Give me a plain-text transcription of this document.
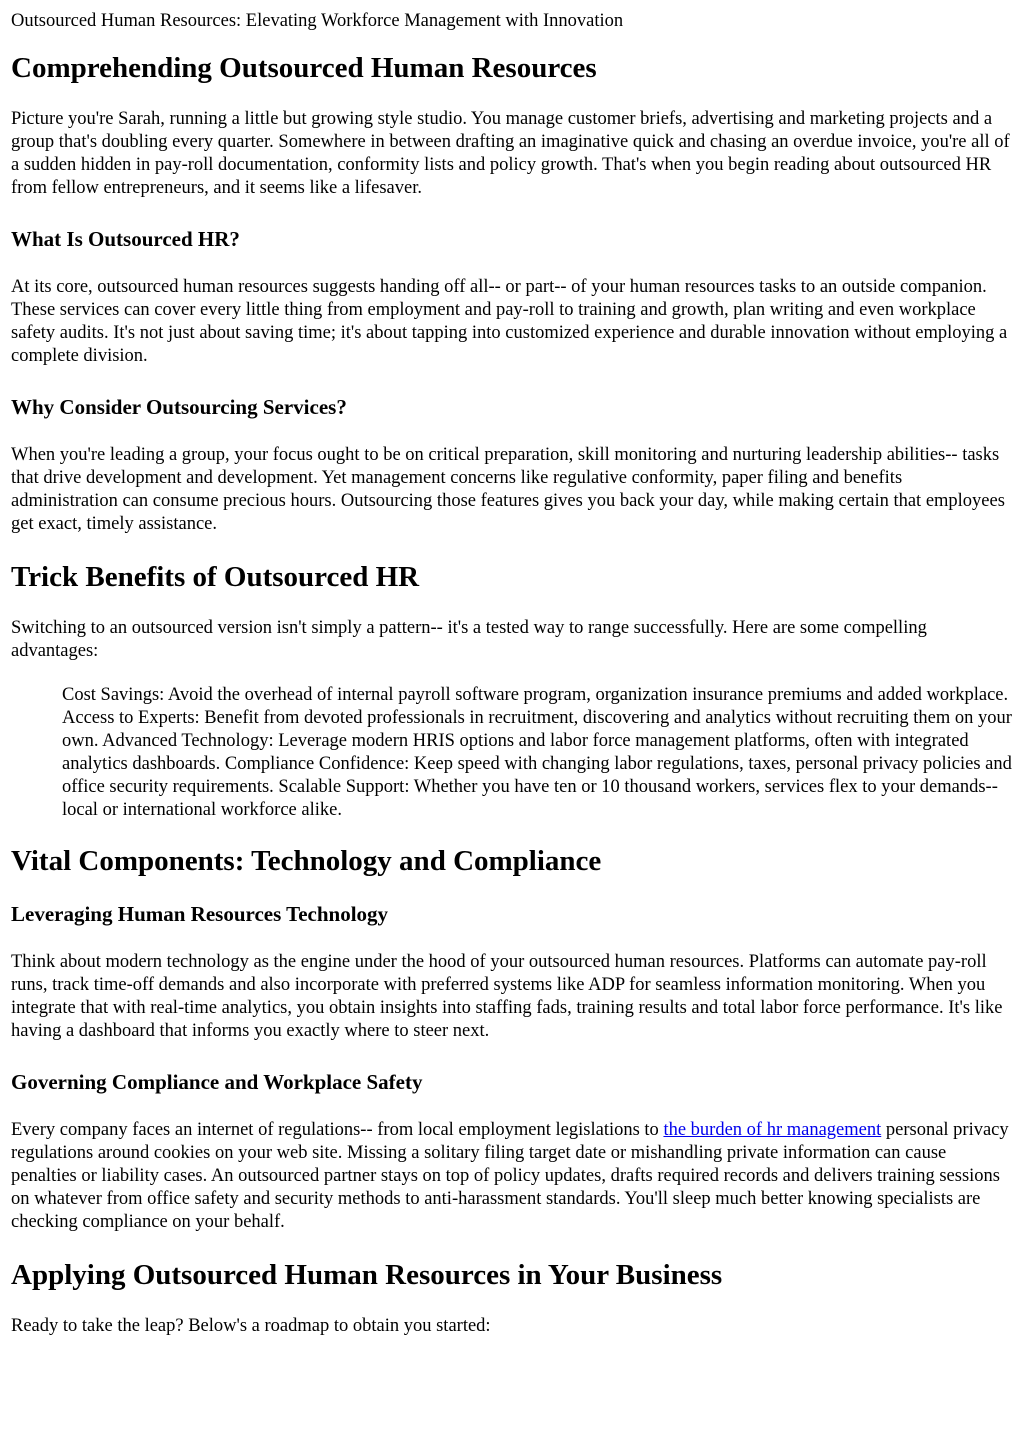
Outsourced Human Resources: Elevating Workforce Management with Innovation

Comprehending Outsourced Human Resources

Picture you're Sarah, running a little but growing style studio. You manage customer briefs, advertising and marketing projects and a group that's doubling every quarter. Somewhere in between drafting an imaginative quick and chasing an overdue invoice, you're all of a sudden hidden in pay-roll documentation, conformity lists and policy growth. That's when you begin reading about outsourced HR from fellow entrepreneurs, and it seems like a lifesaver.

What Is Outsourced HR?

At its core, outsourced human resources suggests handing off all-- or part-- of your human resources tasks to an outside companion. These services can cover every little thing from employment and pay-roll to training and growth, plan writing and even workplace safety audits. It's not just about saving time; it's about tapping into customized experience and durable innovation without employing a complete division.

Why Consider Outsourcing Services?

When you're leading a group, your focus ought to be on critical preparation, skill monitoring and nurturing leadership abilities-- tasks that drive development and development. Yet management concerns like regulative conformity, paper filing and benefits administration can consume precious hours. Outsourcing those features gives you back your day, while making certain that employees get exact, timely assistance.

Trick Benefits of Outsourced HR

Switching to an outsourced version isn't simply a pattern-- it's a tested way to range successfully. Here are some compelling advantages:

Cost Savings: Avoid the overhead of internal payroll software program, organization insurance premiums and added workplace. Access to Experts: Benefit from devoted professionals in recruitment, discovering and analytics without recruiting them on your own. Advanced Technology: Leverage modern HRIS options and labor force management platforms, often with integrated analytics dashboards. Compliance Confidence: Keep speed with changing labor regulations, taxes, personal privacy policies and office security requirements. Scalable Support: Whether you have ten or 10 thousand workers, services flex to your demands-- local or international workforce alike.
Vital Components: Technology and Compliance
Leveraging Human Resources Technology

Think about modern technology as the engine under the hood of your outsourced human resources. Platforms can automate pay-roll runs, track time-off demands and also incorporate with preferred systems like ADP for seamless information monitoring. When you integrate that with real-time analytics, you obtain insights into staffing fads, training results and total labor force performance. It's like having a dashboard that informs you exactly where to steer next.

Governing Compliance and Workplace Safety

Every company faces an internet of regulations-- from local employment legislations to the burden of hr management personal privacy regulations around cookies on your web site. Missing a solitary filing target date or mishandling private information can cause penalties or liability cases. An outsourced partner stays on top of policy updates, drafts required records and delivers training sessions on whatever from office safety and security methods to anti-harassment standards. You'll sleep much better knowing specialists are checking compliance on your behalf.

Applying Outsourced Human Resources in Your Business

Ready to take the leap? Below's a roadmap to obtain you started:
